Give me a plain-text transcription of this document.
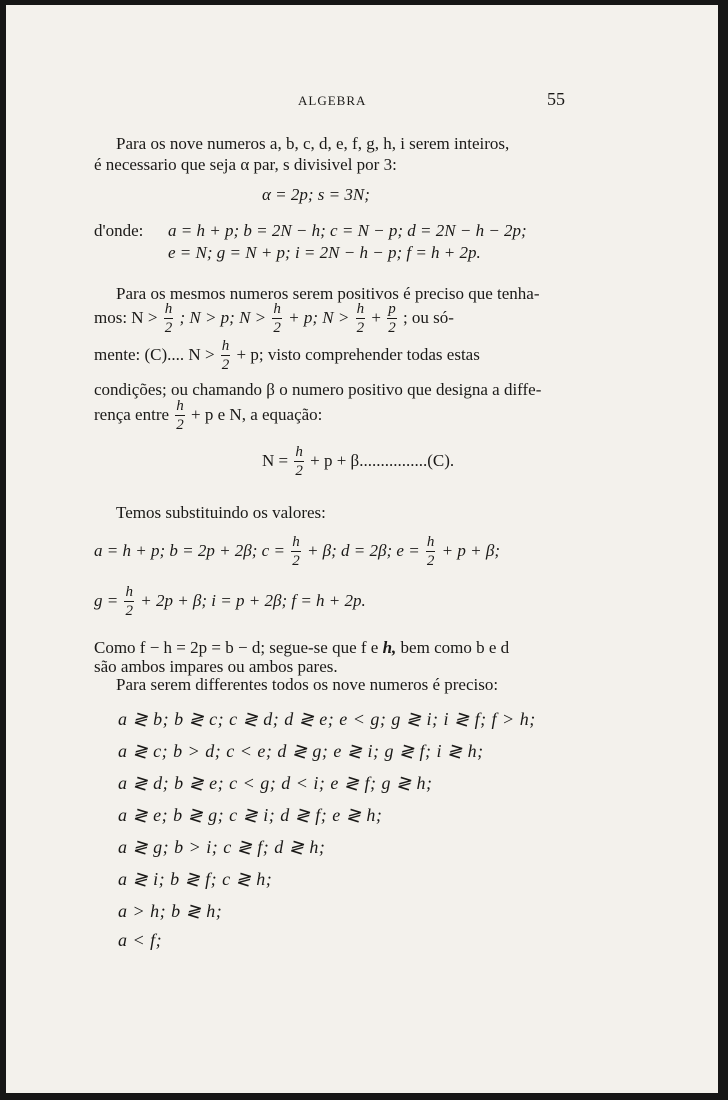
ALGEBRA	55
Para os nove numeros a, b, c, d, e, f, g, h, i serem inteiros,
é necessario que seja α par, s divisivel por 3:
α = 2p; s = 3N;
d'onde: a = h + p; b = 2N − h; c = N − p; d = 2N − h − 2p;
e = N; g = N + p; i = 2N − h − p; f = h + 2p.
Para os mesmos numeros serem positivos é preciso que tenha-
mos: $N > \frac{h}{2}$ ; N > p; $N > \frac{h}{2} + p$; $N > \frac{h}{2} + \frac{p}{2}$ ; ou só-
mente: (C).... $N > \frac{h}{2} + p$; visto comprehender todas estas
condições; ou chamando β o numero positivo que designa a diffe-
rença entre $\frac{h}{2} + p$ e N, a equação:
$N = \frac{h}{2} + p + \beta................(C)$.
Temos substituindo os valores:
a = h + p; b = 2p + 2β; $c = \frac{h}{2} + \beta$; d = 2β; $e = \frac{h}{2} + p + \beta$;
$g = \frac{h}{2} + 2p + \beta$; i = p + 2β; f = h + 2p.
Como f − h = 2p = b − d; segue-se que f e h, bem como b e d
são ambos impares ou ambos pares.
Para serem differentes todos os nove numeros é preciso:
a ≷ b; b ≷ c; c ≷ d; d ≷ e; e < g; g ≷ i; i ≷ f; f > h;
a ≷ c; b > d; c < e; d ≷ g; e ≷ i; g ≷ f; i ≷ h;
a ≷ d; b ≷ e; c < g; d < i; e ≷ f; g ≷ h;
a ≷ e; b ≷ g; c ≷ i; d ≷ f; e ≷ h;
a ≷ g; b > i; c ≷ f; d ≷ h;
a ≷ i; b ≷ f; c ≷ h;
a > h; b ≷ h;
a < f;
